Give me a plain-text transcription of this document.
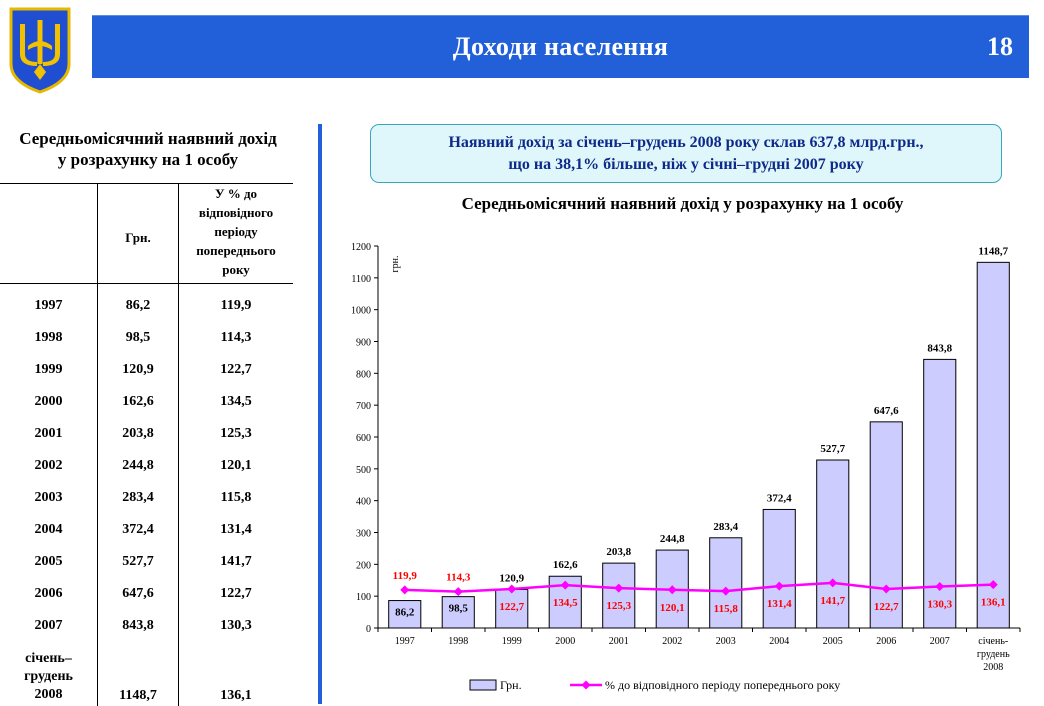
Доходи населення	18
Середньомісячний наявний дохід
у розрахунку на 1 особу
	Грн.	У % до
відповідного
періоду
попереднього
року

1997	86,2	119,9
1998	98,5	114,3
1999	120,9	122,7
2000	162,6	134,5
2001	203,8	125,3
2002	244,8	120,1
2003	283,4	115,8
2004	372,4	131,4
2005	527,7	141,7
2006	647,6	122,7
2007	843,8	130,3

січень–
грудень
2008	1148,7	136,1
Наявний дохід за січень–грудень 2008 року склав 637,8 млрд.грн.,
що на 38,1% більше, ніж у січні–грудні 2007 року
Середньомісячний наявний дохід у розрахунку на 1 особу
0
100
200
300
400
500
600
700
800
900
1000
1100
1200
грн.
86,2	98,5
120,9
162,6
203,8
244,8
283,4
372,4
527,7
647,6
843,8
1148,7
1997	1998	1999	2000	2001	2002	2003	2004	2005	2006	2007	січень-
грудень
2008
119,9	114,3
122,7	134,5	125,3	120,1	115,8	131,4	141,7
122,7	130,3	136,1
Грн.	% до відповідного періоду попереднього року
